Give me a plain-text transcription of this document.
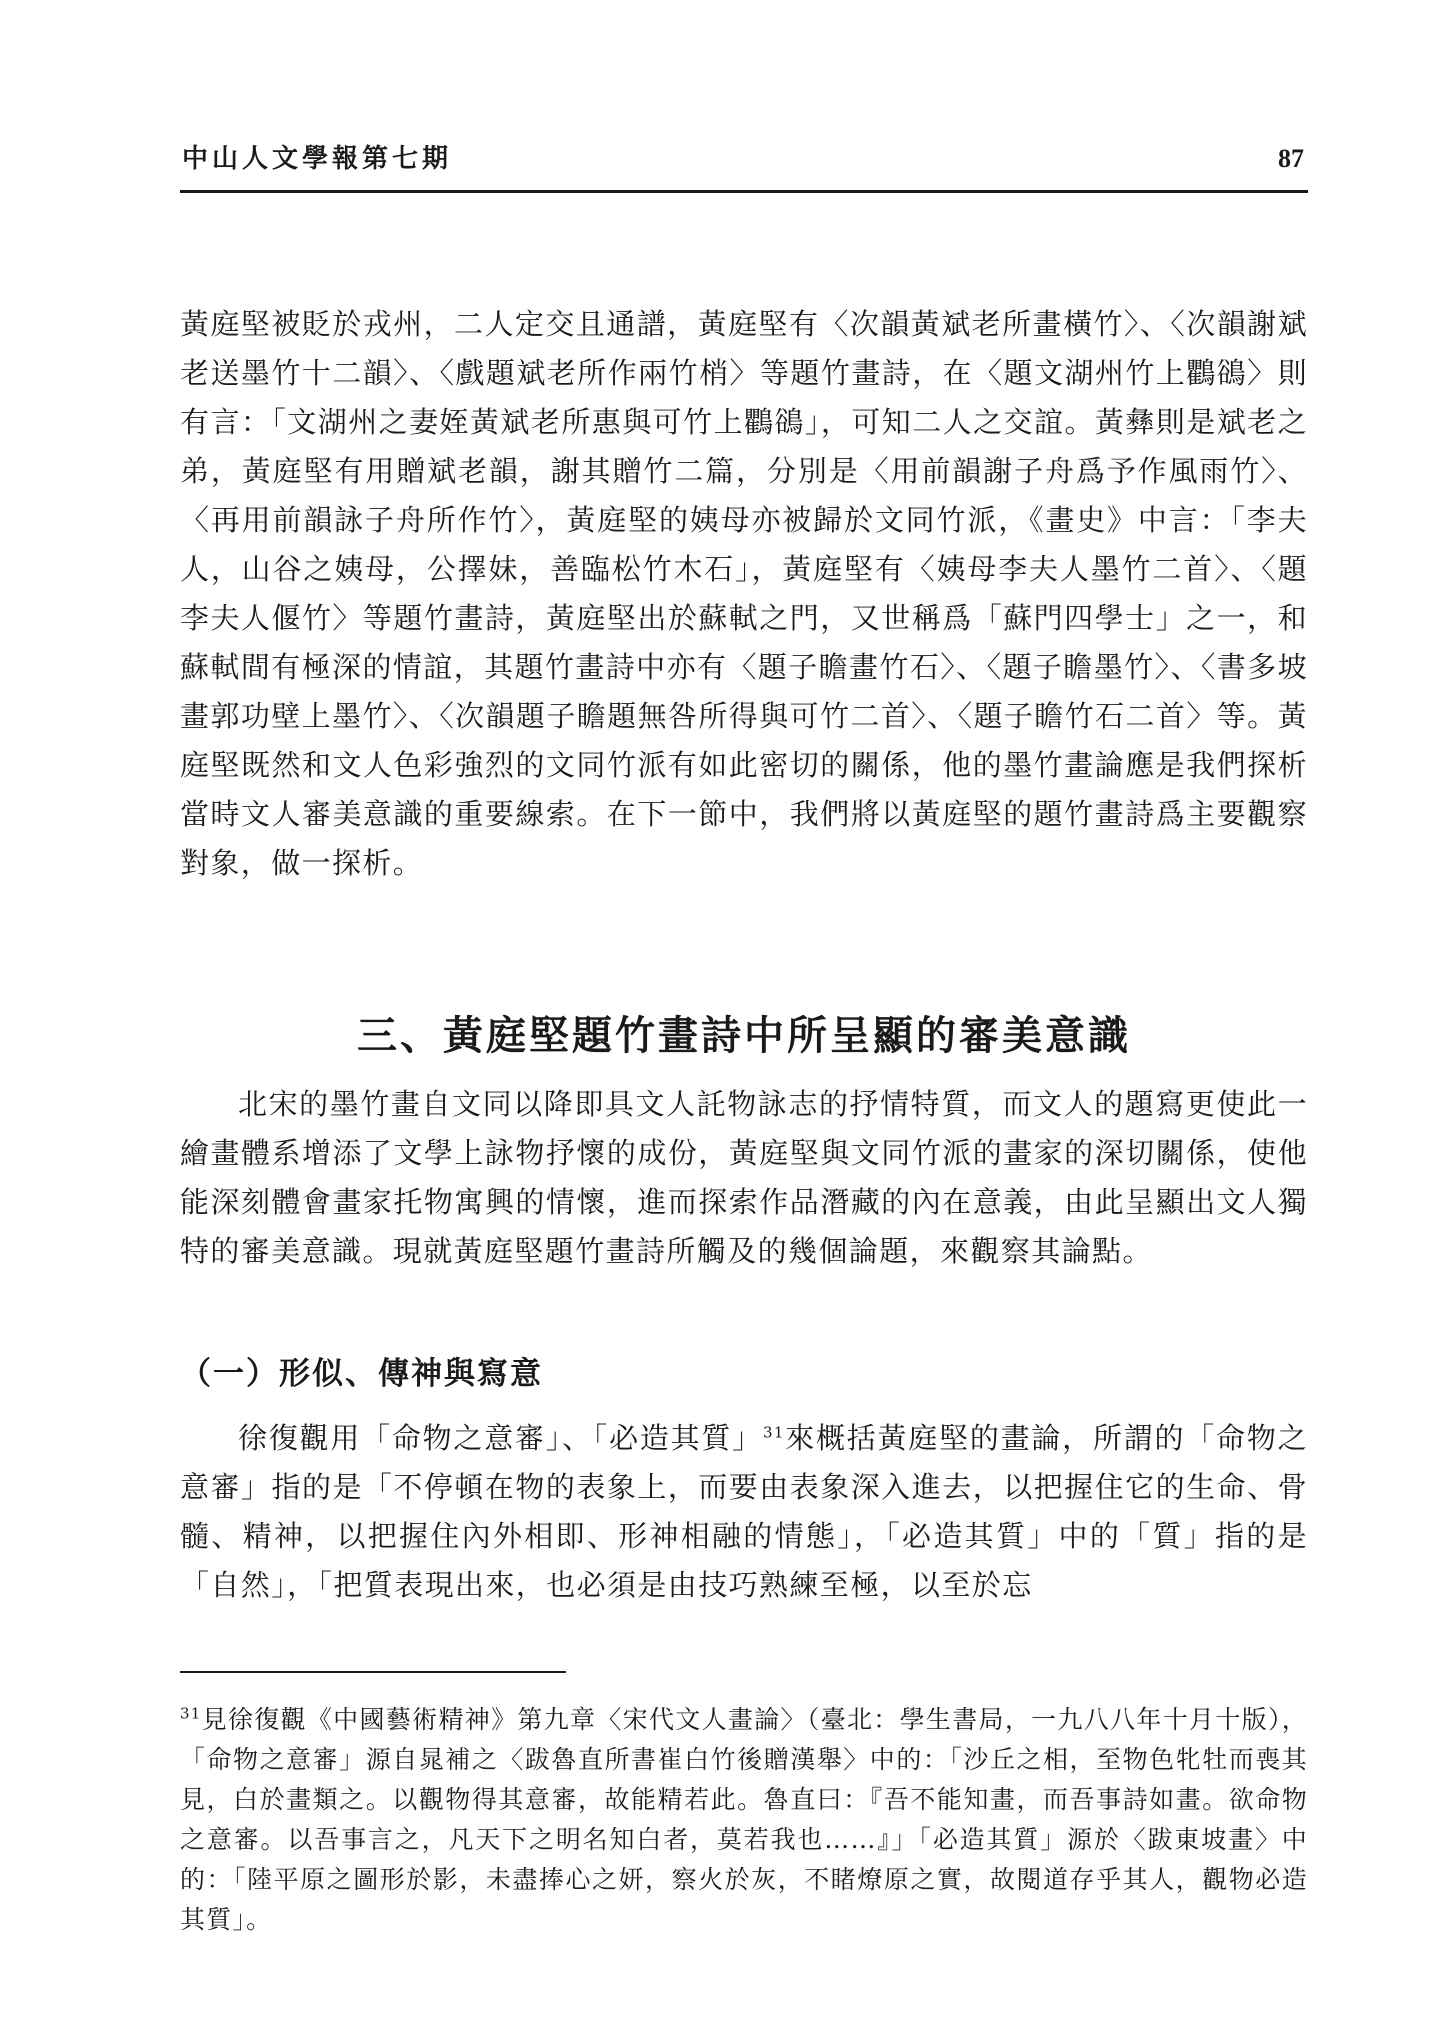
中山人文學報第七期	87

黃庭堅被貶於戎州，二人定交且通譜，黃庭堅有〈次韻黃斌老所畫橫竹〉、〈次韻謝斌老送墨竹十二韻〉、〈戲題斌老所作兩竹梢〉等題竹畫詩，在〈題文湖州竹上鸜鵒〉則有言：「文湖州之妻姪黃斌老所惠與可竹上鸜鵒」，可知二人之交誼。黃彝則是斌老之弟，黃庭堅有用贈斌老韻，謝其贈竹二篇，分別是〈用前韻謝子舟爲予作風雨竹〉、〈再用前韻詠子舟所作竹〉，黃庭堅的姨母亦被歸於文同竹派，《畫史》中言：「李夫人，山谷之姨母，公擇妹，善臨松竹木石」，黃庭堅有〈姨母李夫人墨竹二首〉、〈題李夫人偃竹〉等題竹畫詩，黃庭堅出於蘇軾之門，又世稱爲「蘇門四學士」之一，和蘇軾間有極深的情誼，其題竹畫詩中亦有〈題子瞻畫竹石〉、〈題子瞻墨竹〉、〈書多坡畫郭功壁上墨竹〉、〈次韻題子瞻題無咎所得與可竹二首〉、〈題子瞻竹石二首〉等。黃庭堅既然和文人色彩強烈的文同竹派有如此密切的關係，他的墨竹畫論應是我們探析當時文人審美意識的重要線索。在下一節中，我們將以黃庭堅的題竹畫詩爲主要觀察對象，做一探析。

三、黃庭堅題竹畫詩中所呈顯的審美意識

北宋的墨竹畫自文同以降即具文人託物詠志的抒情特質，而文人的題寫更使此一繪畫體系增添了文學上詠物抒懷的成份，黃庭堅與文同竹派的畫家的深切關係，使他能深刻體會畫家托物寓興的情懷，進而探索作品潛藏的內在意義，由此呈顯出文人獨特的審美意識。現就黃庭堅題竹畫詩所觸及的幾個論題，來觀察其論點。

（一）形似、傳神與寫意

徐復觀用「命物之意審」、「必造其質」$^{31}$來概括黃庭堅的畫論，所謂的「命物之意審」指的是「不停頓在物的表象上，而要由表象深入進去，以把握住它的生命、骨髓、精神，以把握住內外相即、形神相融的情態」，「必造其質」中的「質」指的是「自然」，「把質表現出來，也必須是由技巧熟練至極，以至於忘

$^{31}$見徐復觀《中國藝術精神》第九章〈宋代文人畫論〉（臺北：學生書局，一九八八年十月十版），「命物之意審」源自晁補之〈跋魯直所書崔白竹後贈漢舉〉中的：「沙丘之相，至物色牝牡而喪其見，白於畫類之。以觀物得其意審，故能精若此。魯直曰：『吾不能知畫，而吾事詩如畫。欲命物之意審。以吾事言之，凡天下之明名知白者，莫若我也……』」「必造其質」源於〈跋東坡畫〉中的：「陸平原之圖形於影，未盡捧心之妍，察火於灰，不睹燎原之實，故閱道存乎其人，觀物必造其質」。
